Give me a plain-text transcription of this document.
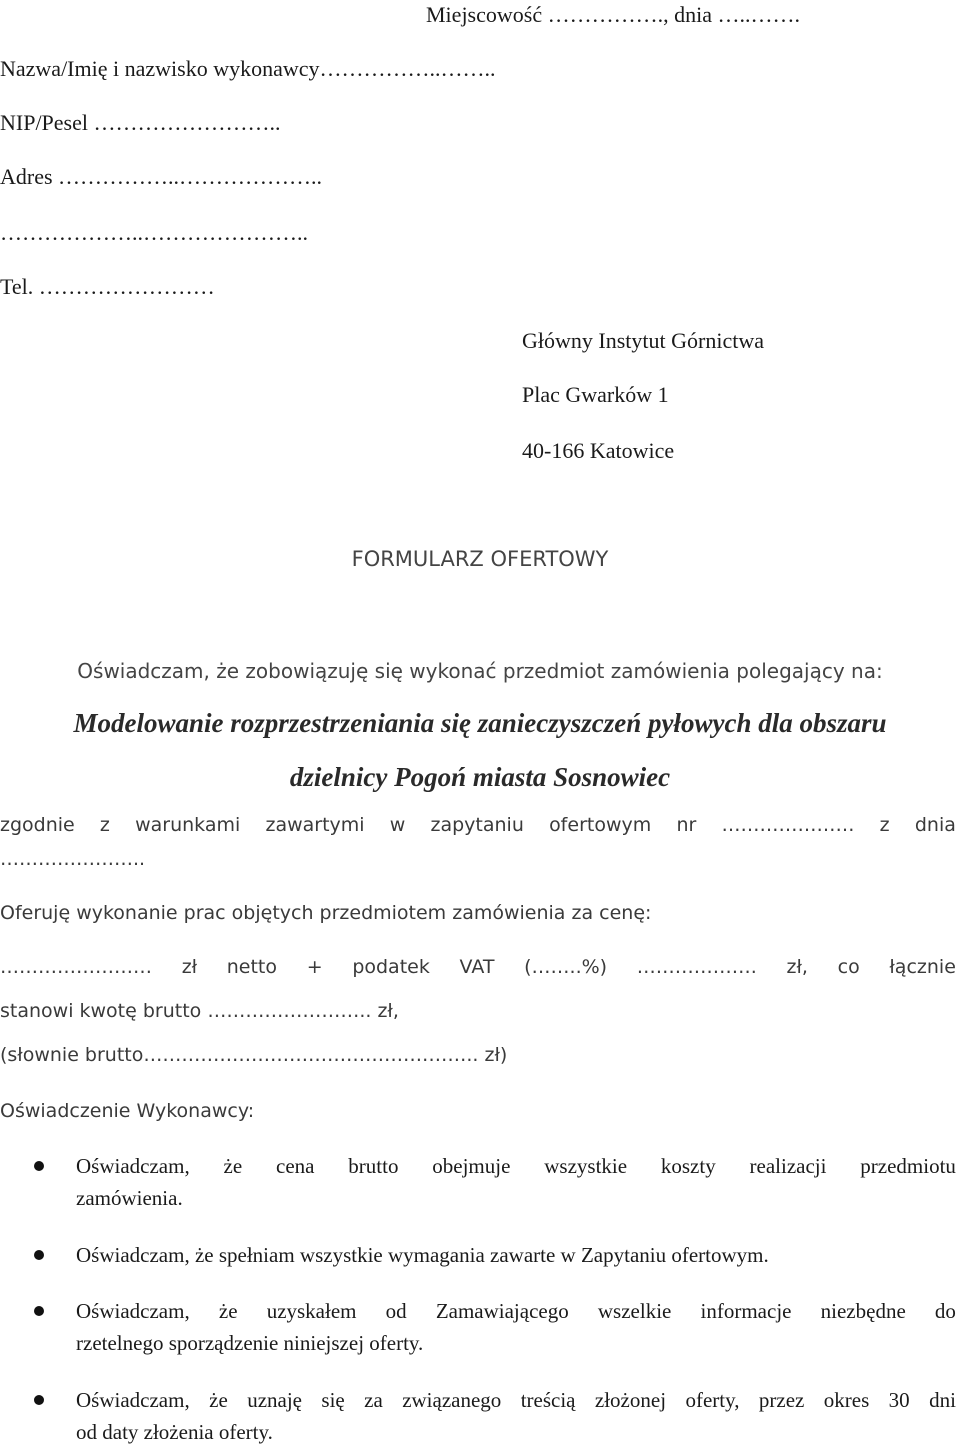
Miejscowość ……………., dnia …..…….
Nazwa/Imię i nazwisko wykonawcy……………..……..
NIP/Pesel ……………………..
Adres ……………..………………..
………………..…………………..
Tel. ……………………
Główny Instytut Górnictwa
Plac Gwarków 1
40-166 Katowice
FORMULARZ OFERTOWY
Oświadczam, że zobowiązuję się wykonać przedmiot zamówienia polegający na:
Modelowanie rozprzestrzeniania się zanieczyszczeń pyłowych dla obszaru
dzielnicy Pogoń miasta Sosnowiec
zgodnie z warunkami zawartymi w zapytaniu ofertowym nr ………………… z dnia
…………………..
Oferuję wykonanie prac objętych przedmiotem zamówienia za cenę:
…………………… zł netto + podatek VAT (……..%) ………………. zł, co łącznie
stanowi kwotę brutto …………………….. zł,
(słownie brutto…………………………………………….. zł)
Oświadczenie Wykonawcy:
Oświadczam, że cena brutto obejmuje wszystkie koszty realizacji przedmiotu
zamówienia.
Oświadczam, że spełniam wszystkie wymagania zawarte w Zapytaniu ofertowym.
Oświadczam, że uzyskałem od Zamawiającego wszelkie informacje niezbędne do
rzetelnego sporządzenie niniejszej oferty.
Oświadczam, że uznaję się za związanego treścią złożonej oferty, przez okres 30 dni
od daty złożenia oferty.
